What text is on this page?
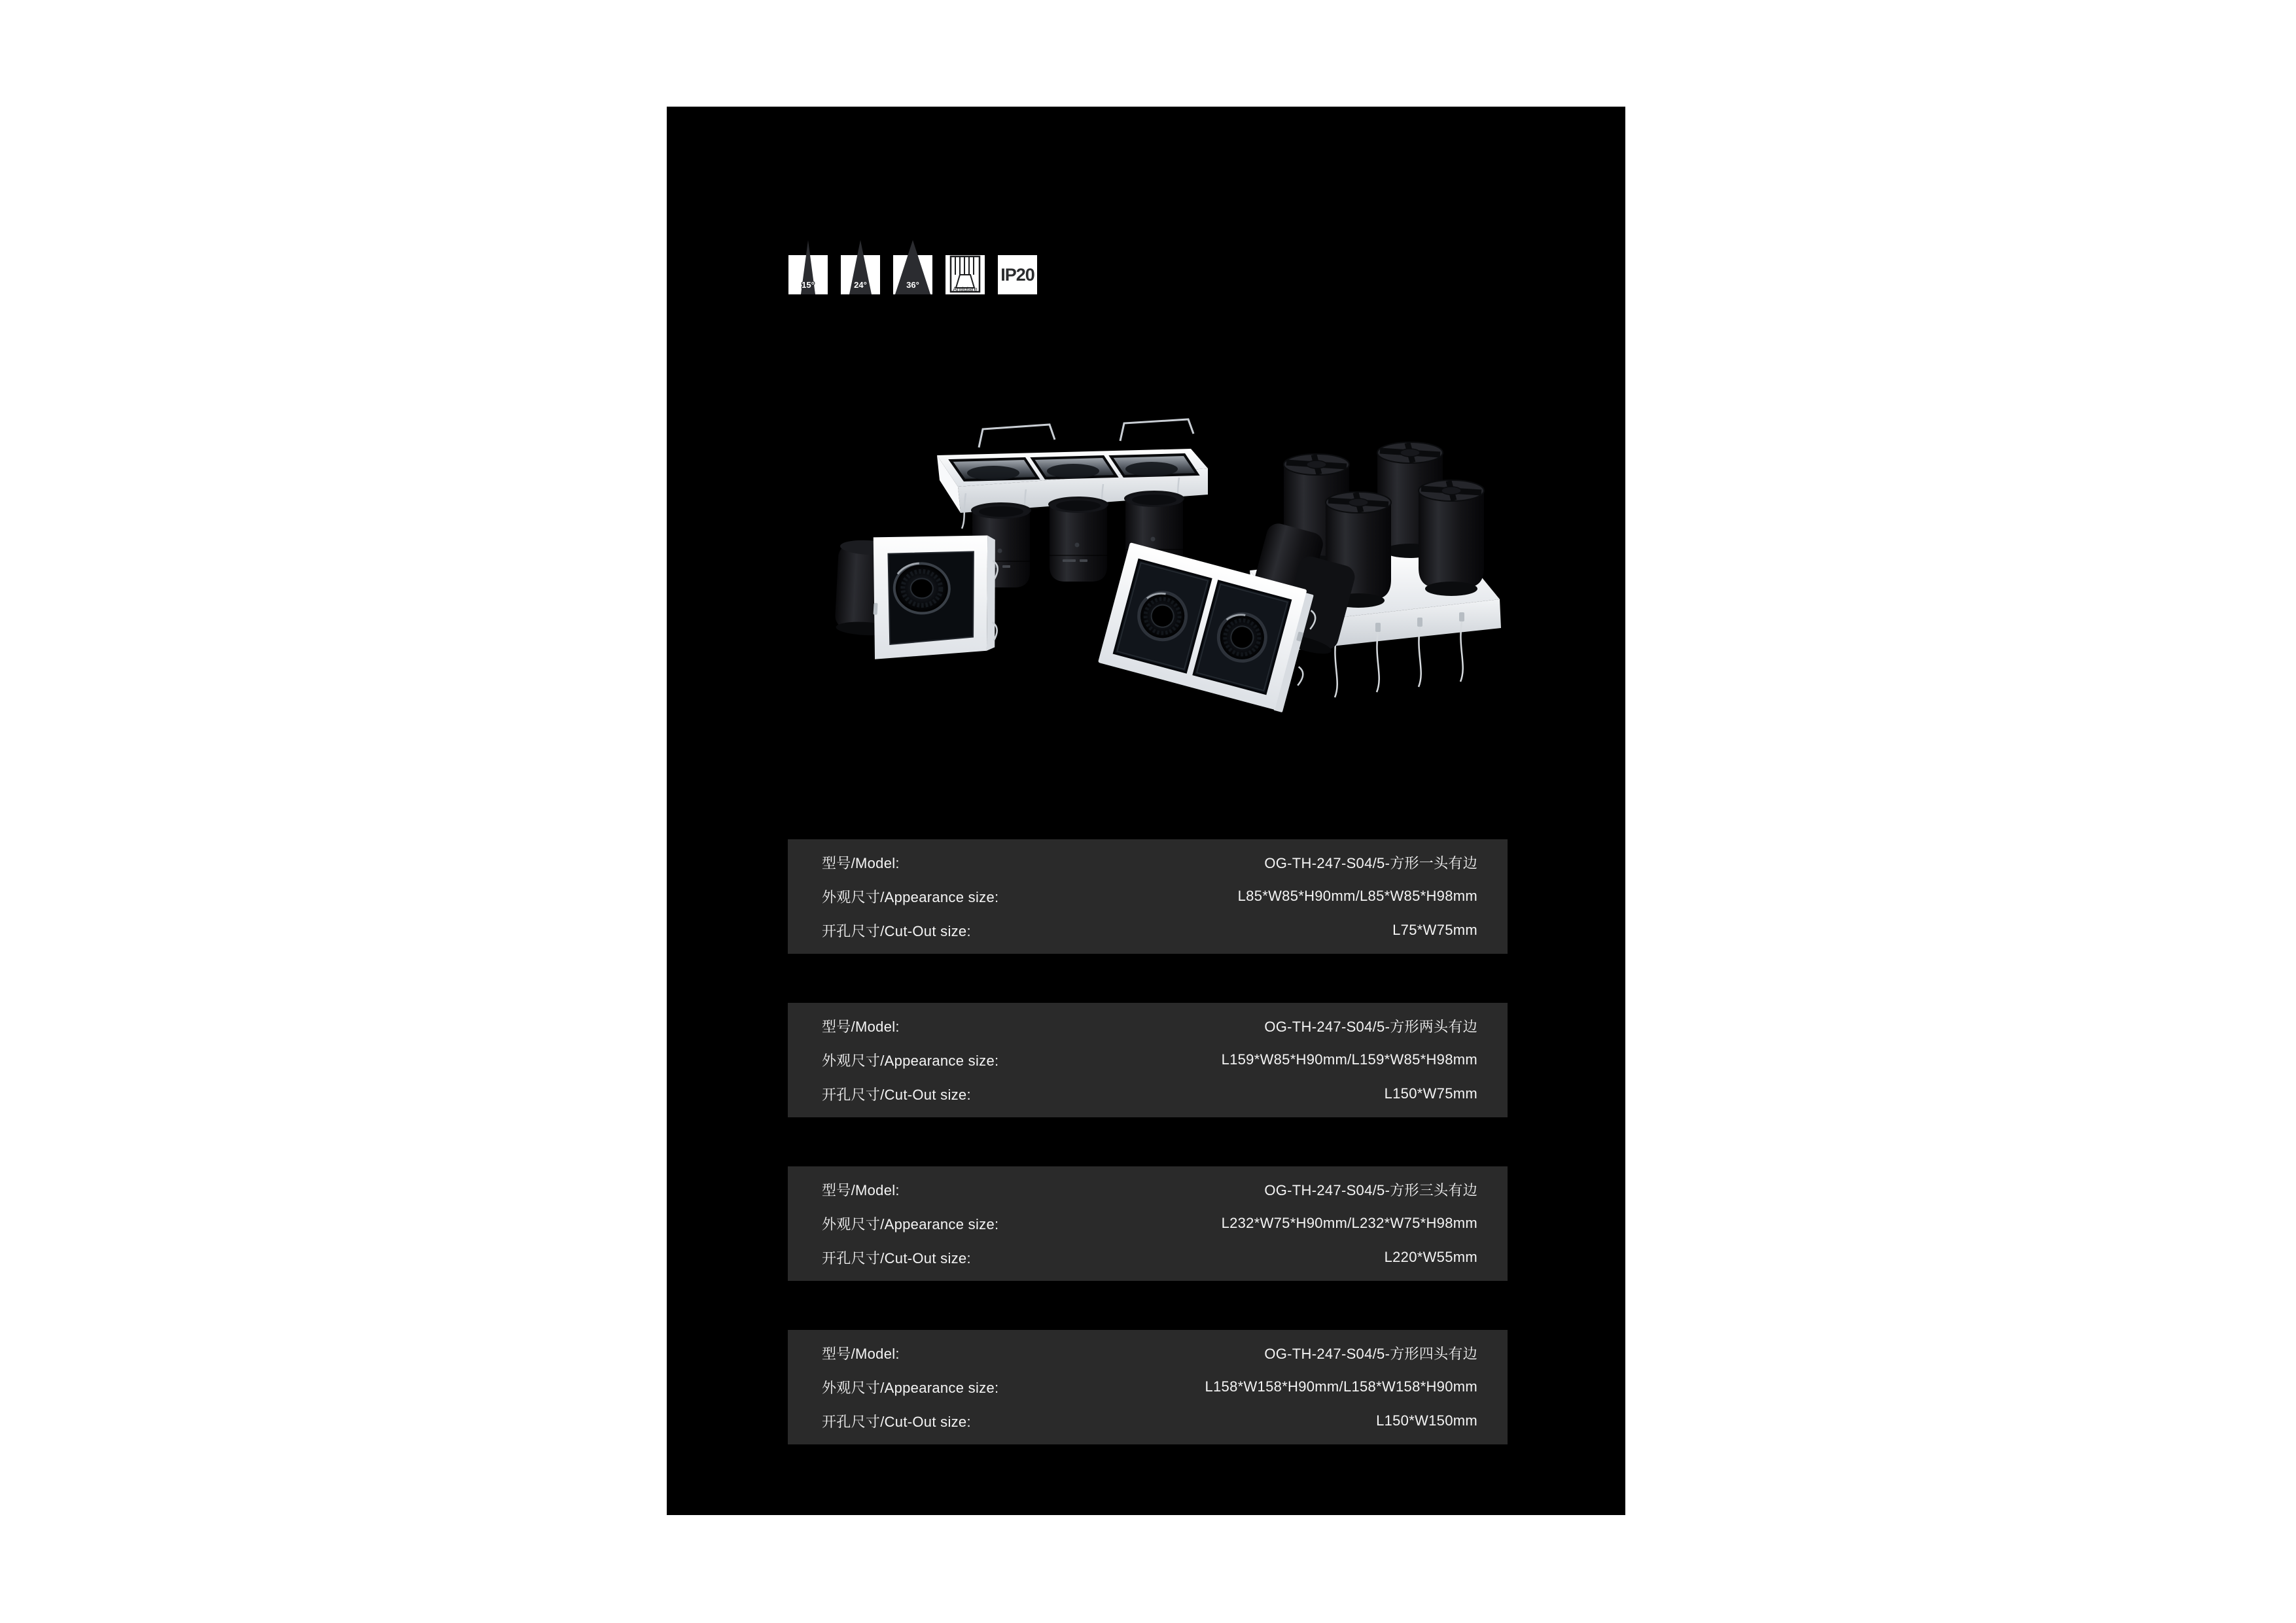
15°	24°	36°	Antiglare
IP20
型号/Model:	OG-TH-247-S04/5-方形一头有边
外观尺寸/Appearance size:	L85*W85*H90mm/L85*W85*H98mm
开孔尺寸/Cut-Out size:	L75*W75mm
型号/Model:	OG-TH-247-S04/5-方形两头有边
外观尺寸/Appearance size:	L159*W85*H90mm/L159*W85*H98mm
开孔尺寸/Cut-Out size:	L150*W75mm
型号/Model:	OG-TH-247-S04/5-方形三头有边
外观尺寸/Appearance size:	L232*W75*H90mm/L232*W75*H98mm
开孔尺寸/Cut-Out size:	L220*W55mm
型号/Model:	OG-TH-247-S04/5-方形四头有边
外观尺寸/Appearance size:	L158*W158*H90mm/L158*W158*H90mm
开孔尺寸/Cut-Out size:	L150*W150mm
